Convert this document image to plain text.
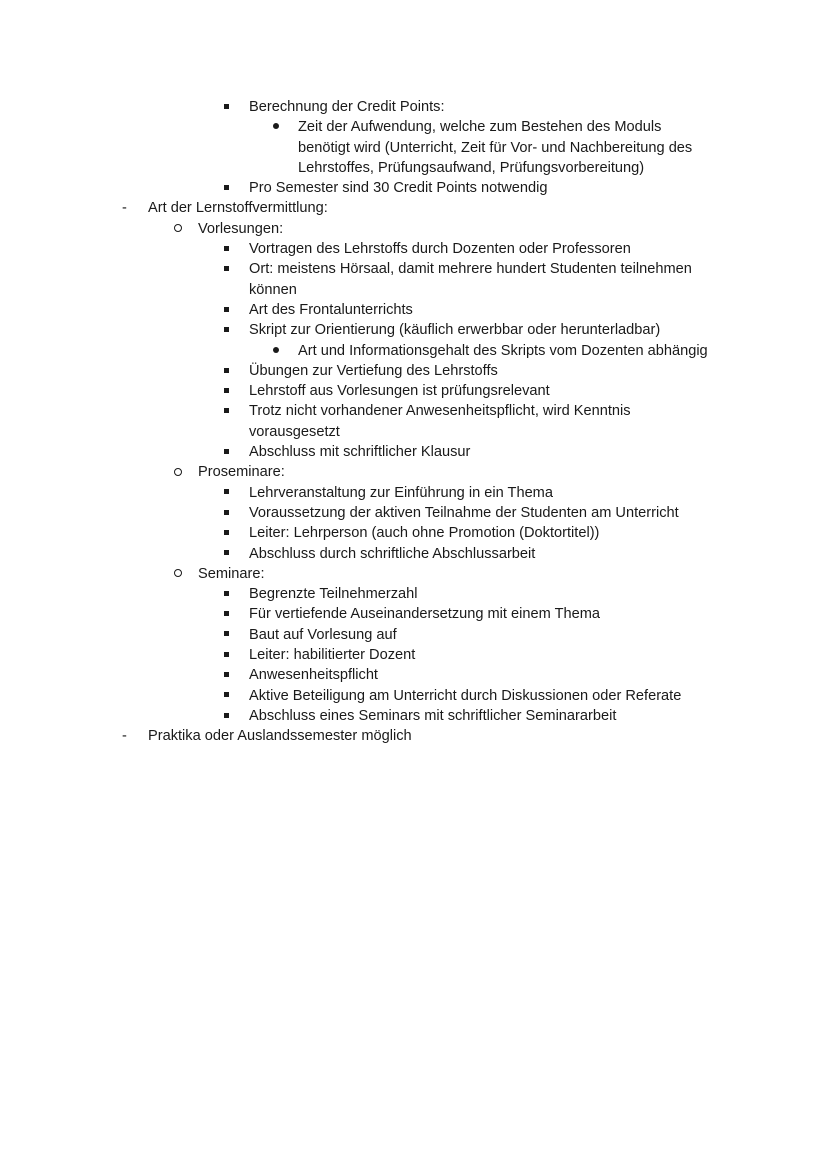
Berechnung der Credit Points:
Zeit der Aufwendung, welche zum Bestehen des Moduls
benötigt wird (Unterricht, Zeit für Vor- und Nachbereitung des
Lehrstoffes, Prüfungsaufwand, Prüfungsvorbereitung)
Pro Semester sind 30 Credit Points notwendig
- Art der Lernstoffvermittlung:
Vorlesungen:
Vortragen des Lehrstoffs durch Dozenten oder Professoren
Ort: meistens Hörsaal, damit mehrere hundert Studenten teilnehmen
können
Art des Frontalunterrichts
Skript zur Orientierung (käuflich erwerbbar oder herunterladbar)
Art und Informationsgehalt des Skripts vom Dozenten abhängig
Übungen zur Vertiefung des Lehrstoffs
Lehrstoff aus Vorlesungen ist prüfungsrelevant
Trotz nicht vorhandener Anwesenheitspflicht, wird Kenntnis
vorausgesetzt
Abschluss mit schriftlicher Klausur
Proseminare:
Lehrveranstaltung zur Einführung in ein Thema
Voraussetzung der aktiven Teilnahme der Studenten am Unterricht
Leiter: Lehrperson (auch ohne Promotion (Doktortitel))
Abschluss durch schriftliche Abschlussarbeit
Seminare:
Begrenzte Teilnehmerzahl
Für vertiefende Auseinandersetzung mit einem Thema
Baut auf Vorlesung auf
Leiter: habilitierter Dozent
Anwesenheitspflicht
Aktive Beteiligung am Unterricht durch Diskussionen oder Referate
Abschluss eines Seminars mit schriftlicher Seminararbeit
- Praktika oder Auslandssemester möglich
